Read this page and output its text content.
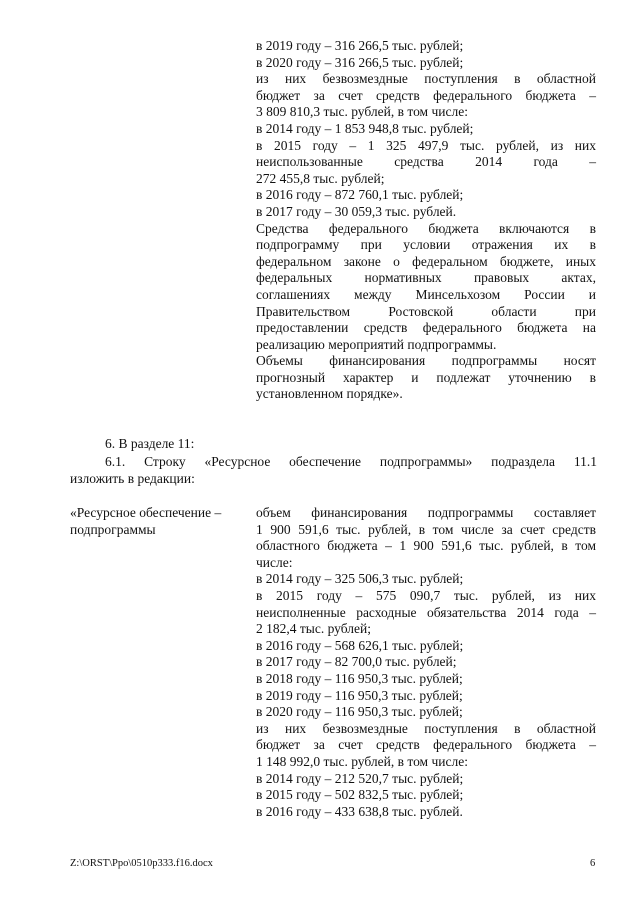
в 2019 году – 316 266,5 тыс. рублей;
в 2020 году – 316 266,5 тыс. рублей;
из них безвозмездные поступления в областной
бюджет за счет средств федерального бюджета –
3 809 810,3 тыс. рублей, в том числе:
в 2014 году – 1 853 948,8 тыс. рублей;
в 2015 году – 1 325 497,9 тыс. рублей, из них
неиспользованные средства 2014 года –
272 455,8 тыс. рублей;
в 2016 году – 872 760,1 тыс. рублей;
в 2017 году – 30 059,3 тыс. рублей.
Средства федерального бюджета включаются в
подпрограмму при условии отражения их в
федеральном законе о федеральном бюджете, иных
федеральных нормативных правовых актах,
соглашениях между Минсельхозом России и
Правительством Ростовской области при
предоставлении средств федерального бюджета на
реализацию мероприятий подпрограммы.
Объемы финансирования подпрограммы носят
прогнозный характер и подлежат уточнению в
установленном порядке».
6. В разделе 11:
6.1. Строку «Ресурсное обеспечение подпрограммы» подраздела 11.1
изложить в редакции:
«Ресурсное обеспечение –
подпрограммы
объем финансирования подпрограммы составляет
1 900 591,6 тыс. рублей, в том числе за счет средств
областного бюджета – 1 900 591,6 тыс. рублей, в том
числе:
в 2014 году – 325 506,3 тыс. рублей;
в 2015 году – 575 090,7 тыс. рублей, из них
неисполненные расходные обязательства 2014 года –
2 182,4 тыс. рублей;
в 2016 году – 568 626,1 тыс. рублей;
в 2017 году – 82 700,0 тыс. рублей;
в 2018 году – 116 950,3 тыс. рублей;
в 2019 году – 116 950,3 тыс. рублей;
в 2020 году – 116 950,3 тыс. рублей;
из них безвозмездные поступления в областной
бюджет за счет средств федерального бюджета –
1 148 992,0 тыс. рублей, в том числе:
в 2014 году – 212 520,7 тыс. рублей;
в 2015 году – 502 832,5 тыс. рублей;
в 2016 году – 433 638,8 тыс. рублей.
Z:\ORST\Ppo\0510p333.f16.docx	6
